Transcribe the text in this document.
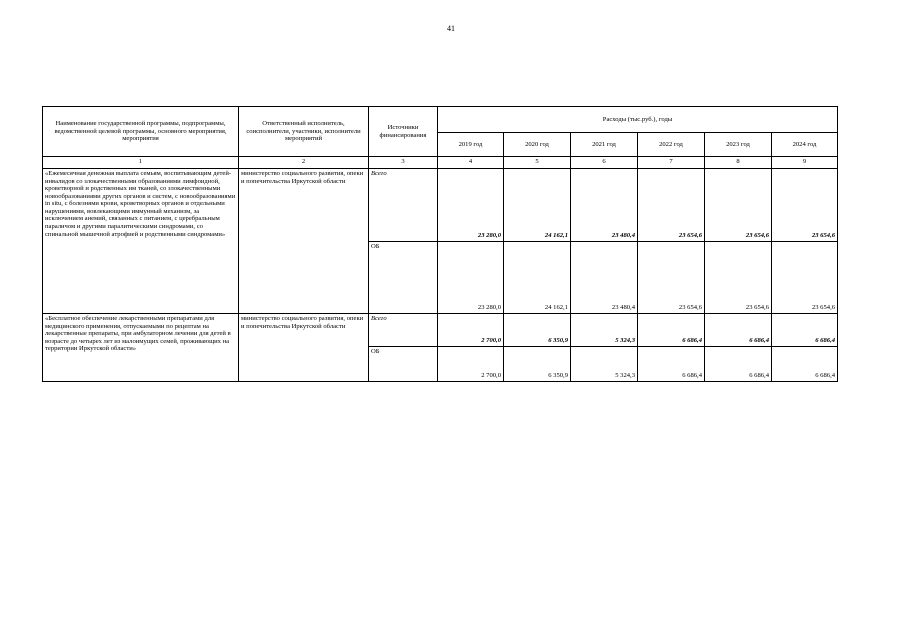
41
Наименование государственной программы, подпрограммы, ведомственной целевой программы, основного мероприятия, мероприятия	Ответственный исполнитель, соисполнители, участники, исполнители мероприятий	Источники финансирования	Расходы (тыс.руб.), годы					
			2019 год	2020 год	2021 год	2022 год	2023 год	2024 год
1	2	3	4	5	6	7	8	9
«Ежемесячная денежная выплата семьям, воспитывающим детей-инвалидов со злокачественными образованиями лимфоидной, кроветворной и родственных им тканей, со злокачественными новообразованиями других органов и систем, с новообразованиями in situ, с болезнями крови, кроветворных органов и отдельными нарушениями, вовлекающими иммунный механизм, за исключением анемий, связанных с питанием, с церебральным параличом и другими паралитическими синдромами, со спинальной мышечной атрофией и родственными синдромами»	министерство социального развития, опеки и попечительства Иркутской области	Всего	23 280,0	24 162,1	23 480,4	23 654,6	23 654,6	23 654,6
		ОБ	23 280,0	24 162,1	23 480,4	23 654,6	23 654,6	23 654,6
«Бесплатное обеспечение лекарственными препаратами для медицинского применения, отпускаемыми по рецептам на лекарственные препараты, при амбулаторном лечении для детей в возрасте до четырех лет из малоимущих семей, проживающих на территории Иркутской области»	министерство социального развития, опеки и попечительства Иркутской области	Всего	2 700,0	6 350,9	5 324,3	6 686,4	6 686,4	6 686,4
		ОБ	2 700,0	6 350,9	5 324,3	6 686,4	6 686,4	6 686,4
